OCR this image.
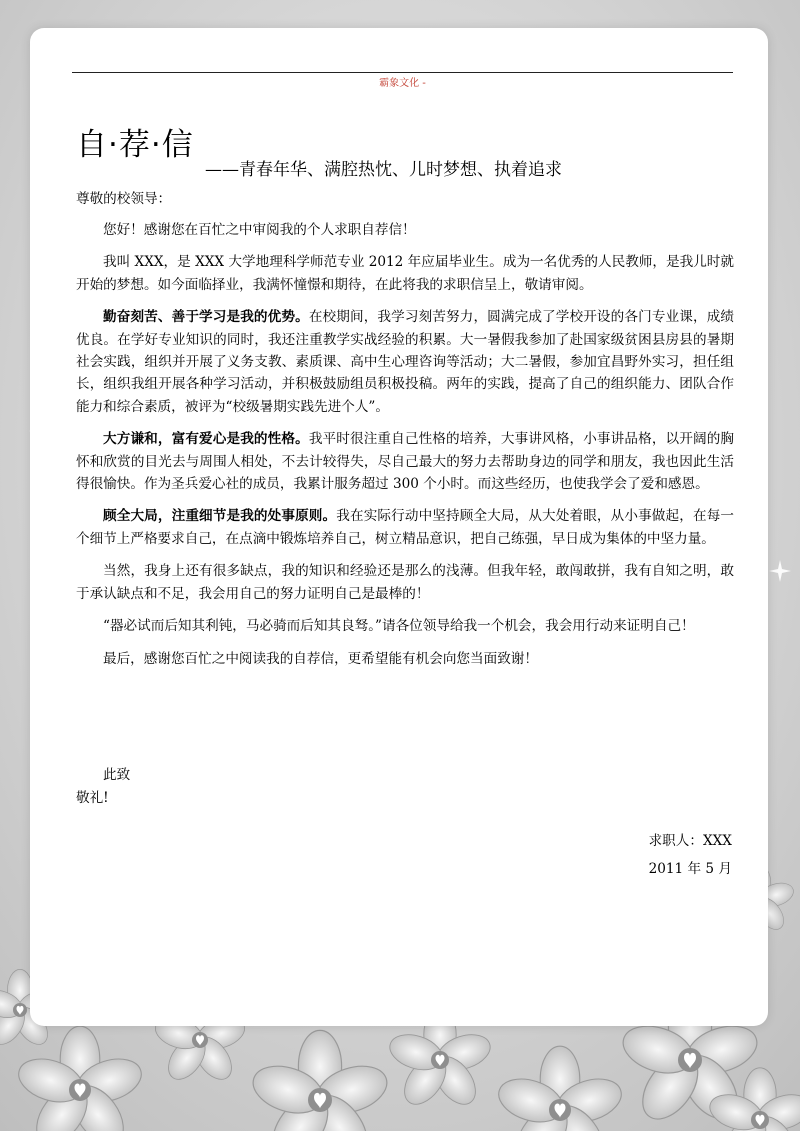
霸象文化 -
自·荐·信
——青春年华、满腔热忱、儿时梦想、执着追求
尊敬的校领导：

您好！感谢您在百忙之中审阅我的个人求职自荐信！

我叫 XXX，是 XXX 大学地理科学师范专业 2012 年应届毕业生。成为一名优秀的人民教师，是我儿时就开始的梦想。如今面临择业，我满怀憧憬和期待，在此将我的求职信呈上，敬请审阅。

勤奋刻苦、善于学习是我的优势。在校期间，我学习刻苦努力，圆满完成了学校开设的各门专业课，成绩优良。在学好专业知识的同时，我还注重教学实战经验的积累。大一暑假我参加了赴国家级贫困县房县的暑期社会实践，组织并开展了义务支教、素质课、高中生心理咨询等活动；大二暑假，参加宜昌野外实习，担任组长，组织我组开展各种学习活动，并积极鼓励组员积极投稿。两年的实践，提高了自己的组织能力、团队合作能力和综合素质，被评为“校级暑期实践先进个人”。

大方谦和，富有爱心是我的性格。我平时很注重自己性格的培养，大事讲风格，小事讲品格，以开阔的胸怀和欣赏的目光去与周围人相处，不去计较得失，尽自己最大的努力去帮助身边的同学和朋友，我也因此生活得很愉快。作为圣兵爱心社的成员，我累计服务超过 300 个小时。而这些经历，也使我学会了爱和感恩。

顾全大局，注重细节是我的处事原则。我在实际行动中坚持顾全大局，从大处着眼，从小事做起，在每一个细节上严格要求自己，在点滴中锻炼培养自己，树立精品意识，把自己练强，早日成为集体的中坚力量。

当然，我身上还有很多缺点，我的知识和经验还是那么的浅薄。但我年轻，敢闯敢拼，我有自知之明，敢于承认缺点和不足，我会用自己的努力证明自己是最棒的！

“器必试而后知其利钝，马必骑而后知其良驽。”请各位领导给我一个机会，我会用行动来证明自己！

最后，感谢您百忙之中阅读我的自荐信，更希望能有机会向您当面致谢！

此致
敬礼!
求职人：XXX
2011 年 5 月
